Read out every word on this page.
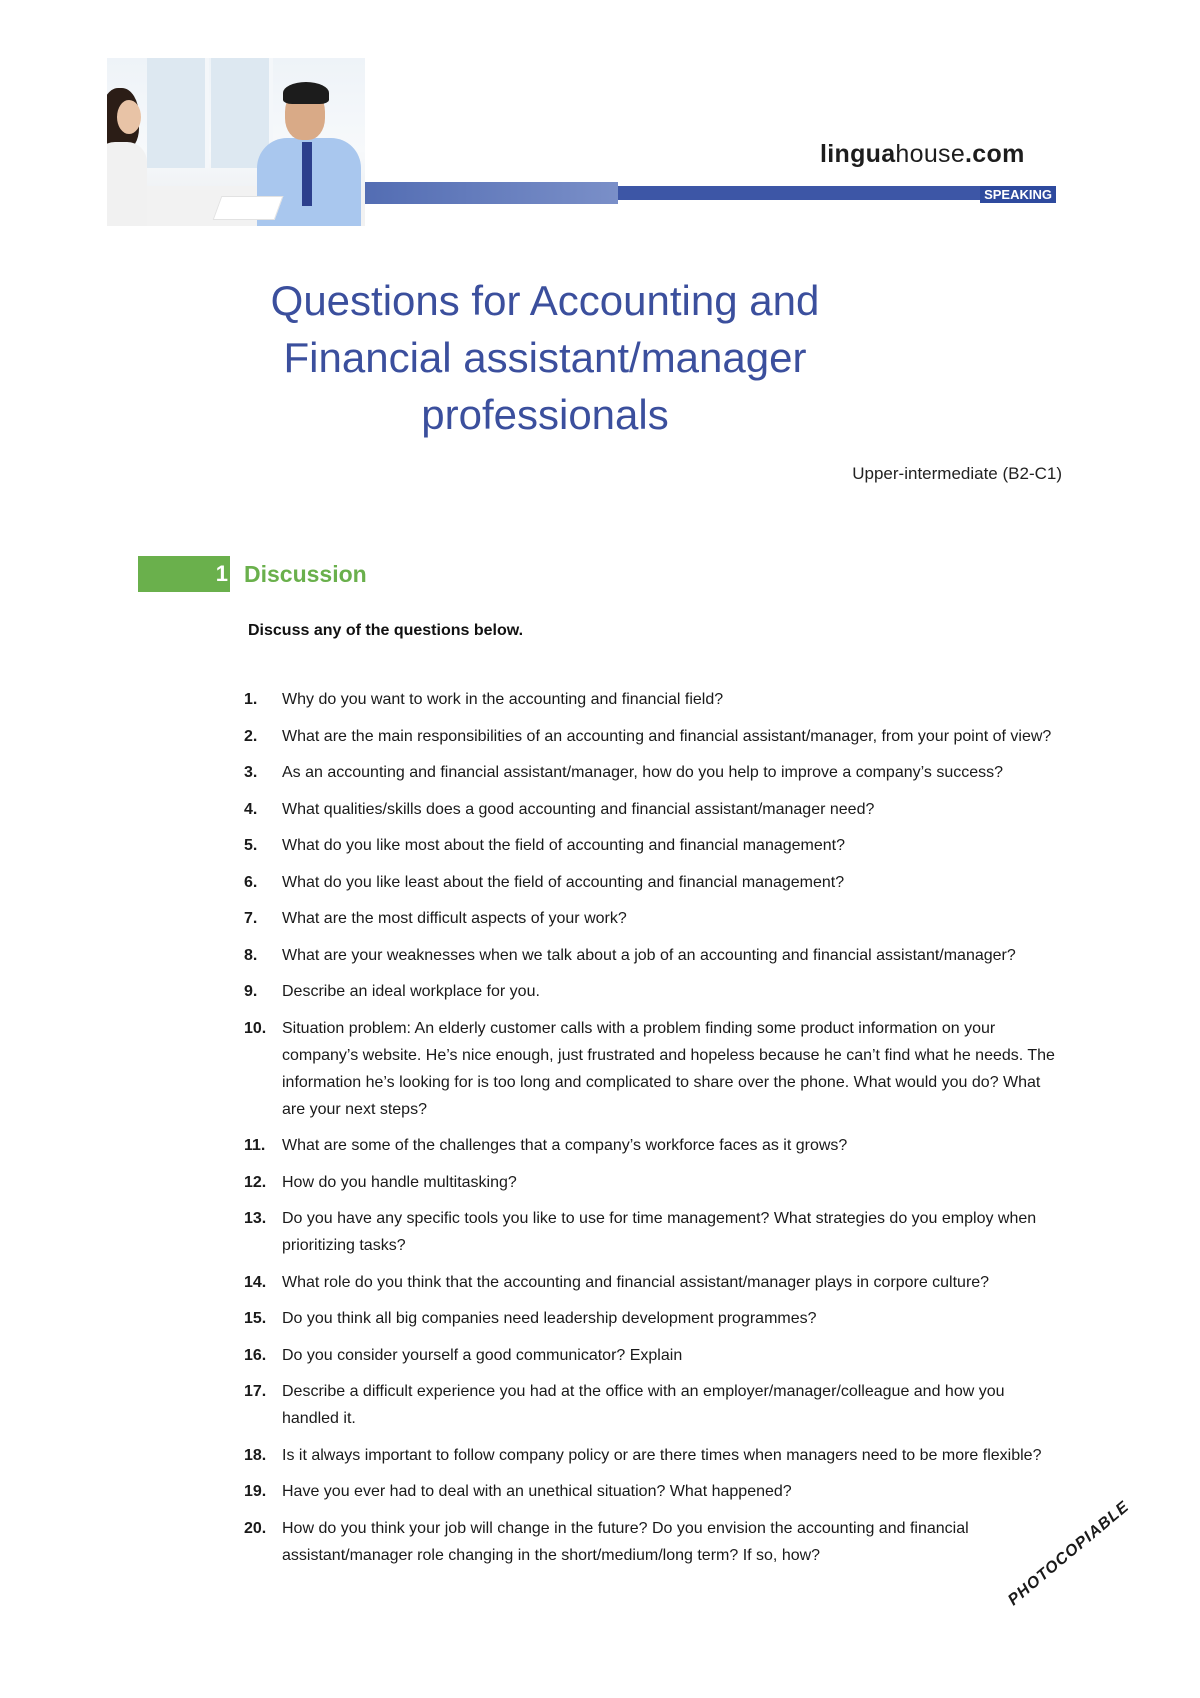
linguahouse.com
SPEAKING
Questions for Accounting and
Financial assistant/manager
professionals
Upper-intermediate (B2-C1)
1 Discussion
Discuss any of the questions below.
1.	Why do you want to work in the accounting and financial field?
2.	What are the main responsibilities of an accounting and financial assistant/manager, from your point of view?
3.	As an accounting and financial assistant/manager, how do you help to improve a company’s success?
4.	What qualities/skills does a good accounting and financial assistant/manager need?
5.	What do you like most about the field of accounting and financial management?
6.	What do you like least about the field of accounting and financial management?
7.	What are the most difficult aspects of your work?
8.	What are your weaknesses when we talk about a job of an accounting and financial assistant/manager?
9.	Describe an ideal workplace for you.
10. Situation problem: An elderly customer calls with a problem finding some product information on your company’s website. He’s nice enough, just frustrated and hopeless because he can’t find what he needs. The information he’s looking for is too long and complicated to share over the phone. What would you do? What are your next steps?
11.	What are some of the challenges that a company’s workforce faces as it grows?
12. How do you handle multitasking?
13. Do you have any specific tools you like to use for time management? What strategies do you employ when prioritizing tasks?
14. What role do you think that the accounting and financial assistant/manager plays in corpore culture?
15. Do you think all big companies need leadership development programmes?
16. Do you consider yourself a good communicator? Explain
17. Describe a difficult experience you had at the office with an employer/manager/colleague and how you handled it.
18. Is it always important to follow company policy or are there times when managers need to be more flexible?
19. Have you ever had to deal with an unethical situation? What happened?
20. How do you think your job will change in the future? Do you envision the accounting and financial assistant/manager role changing in the short/medium/long term? If so, how?	PHOTOCOPIABLE
